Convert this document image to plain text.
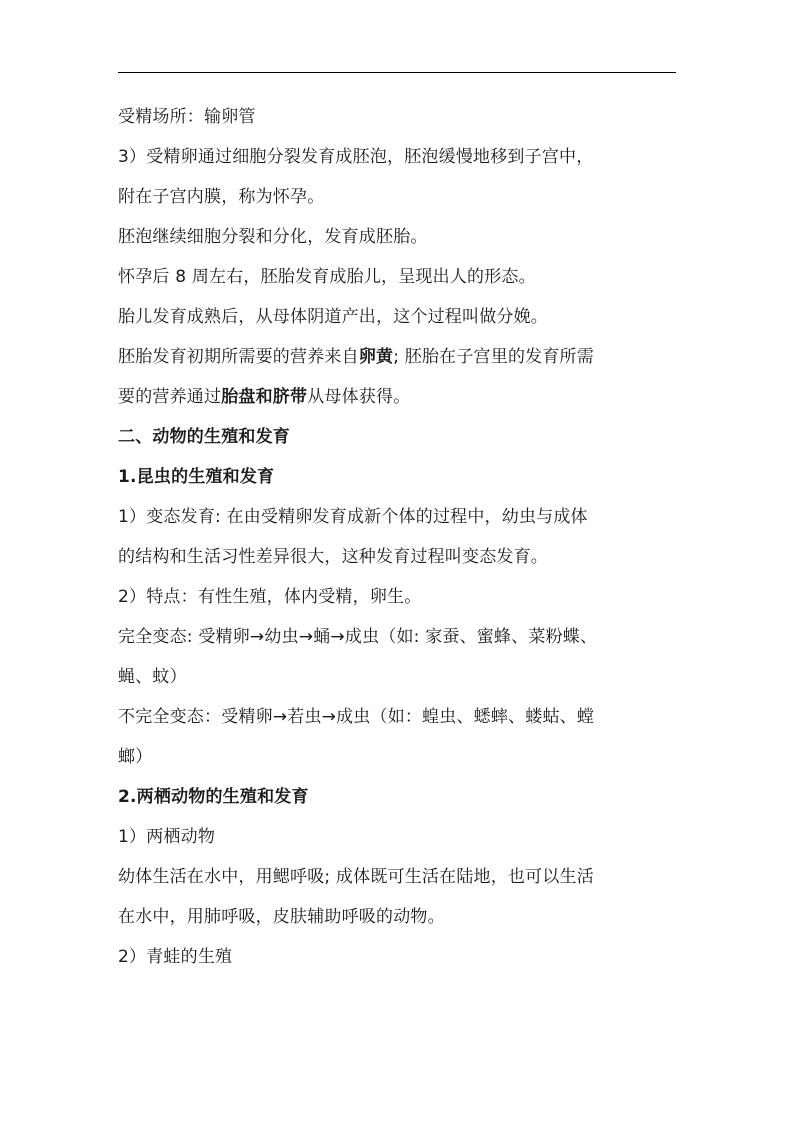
受精场所：输卵管
3）受精卵通过细胞分裂发育成胚泡，胚泡缓慢地移到子宫中，
附在子宫内膜，称为怀孕。
胚泡继续细胞分裂和分化，发育成胚胎。
怀孕后 8 周左右，胚胎发育成胎儿，呈现出人的形态。
胎儿发育成熟后，从母体阴道产出，这个过程叫做分娩。
胚胎发育初期所需要的营养来自卵黄; 胚胎在子宫里的发育所需
要的营养通过胎盘和脐带从母体获得。
二、动物的生殖和发育
1.昆虫的生殖和发育
1）变态发育: 在由受精卵发育成新个体的过程中，幼虫与成体
的结构和生活习性差异很大，这种发育过程叫变态发育。
2）特点：有性生殖，体内受精，卵生。
完全变态: 受精卵→幼虫→蛹→成虫（如: 家蚕、蜜蜂、菜粉蝶、
蝇、蚊）
不完全变态：受精卵→若虫→成虫（如：蝗虫、蟋蟀、蝼蛄、螳
螂）
2.两栖动物的生殖和发育
1）两栖动物
幼体生活在水中，用鳃呼吸; 成体既可生活在陆地，也可以生活
在水中，用肺呼吸，皮肤辅助呼吸的动物。
2）青蛙的生殖
